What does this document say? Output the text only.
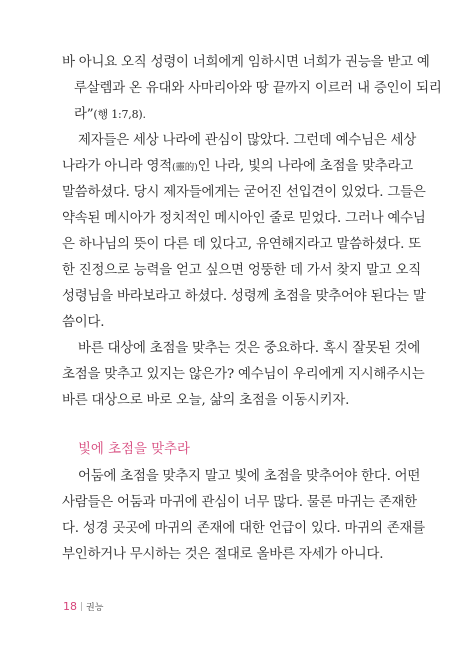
바 아니요 오직 성령이 너희에게 임하시면 너희가 권능을 받고 예
루살렘과 온 유대와 사마리아와 땅 끝까지 이르러 내 증인이 되리
라”(행 1:7,8).
제자들은 세상 나라에 관심이 많았다. 그런데 예수님은 세상
나라가 아니라 영적(靈的)인 나라, 빛의 나라에 초점을 맞추라고
말씀하셨다. 당시 제자들에게는 굳어진 선입견이 있었다. 그들은
약속된 메시아가 정치적인 메시아인 줄로 믿었다. 그러나 예수님
은 하나님의 뜻이 다른 데 있다고, 유연해지라고 말씀하셨다. 또
한 진정으로 능력을 얻고 싶으면 엉뚱한 데 가서 찾지 말고 오직
성령님을 바라보라고 하셨다. 성령께 초점을 맞추어야 된다는 말
씀이다.
바른 대상에 초점을 맞추는 것은 중요하다. 혹시 잘못된 것에
초점을 맞추고 있지는 않은가? 예수님이 우리에게 지시해주시는
바른 대상으로 바로 오늘, 삶의 초점을 이동시키자.
빛에 초점을 맞추라
어둠에 초점을 맞추지 말고 빛에 초점을 맞추어야 한다. 어떤
사람들은 어둠과 마귀에 관심이 너무 많다. 물론 마귀는 존재한
다. 성경 곳곳에 마귀의 존재에 대한 언급이 있다. 마귀의 존재를
부인하거나 무시하는 것은 절대로 올바른 자세가 아니다.
18 권능
